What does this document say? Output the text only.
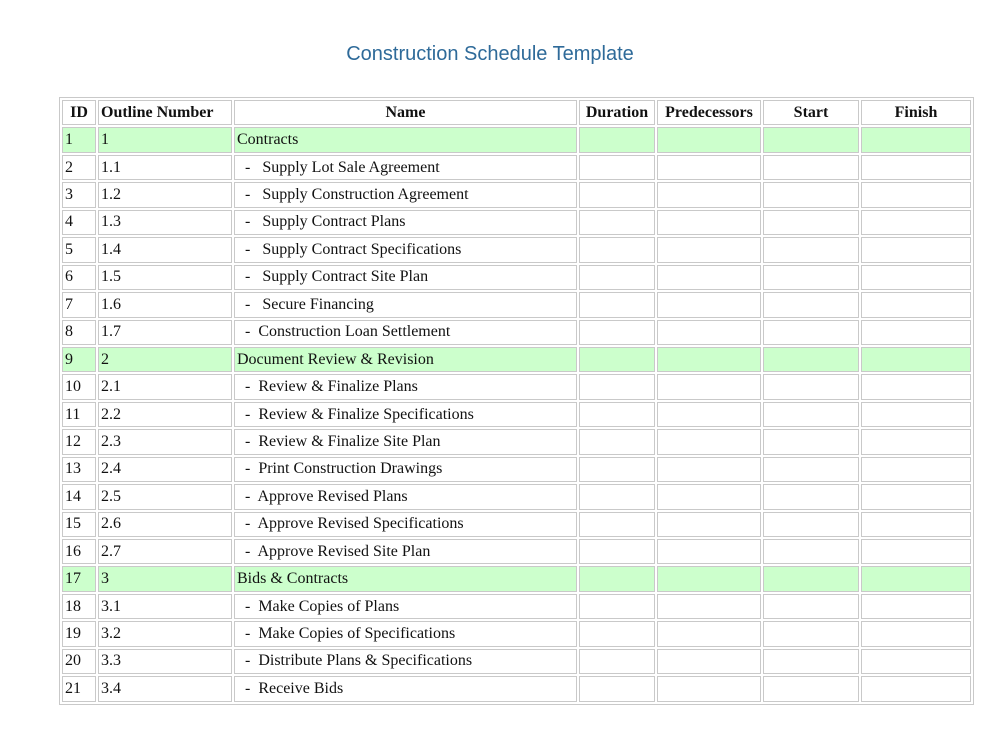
Construction Schedule Template
ID	Outline Number	Name	Duration	Predecessors	Start	Finish
1	1	Contracts				
2	1.1	-   Supply Lot Sale Agreement				
3	1.2	-   Supply Construction Agreement				
4	1.3	-   Supply Contract Plans				
5	1.4	-   Supply Contract Specifications				
6	1.5	-   Supply Contract Site Plan				
7	1.6	-   Secure Financing				
8	1.7	-  Construction Loan Settlement				
9	2	Document Review & Revision				
10	2.1	-  Review & Finalize Plans				
11	2.2	-  Review & Finalize Specifications				
12	2.3	-  Review & Finalize Site Plan				
13	2.4	-  Print Construction Drawings				
14	2.5	-  Approve Revised Plans				
15	2.6	-  Approve Revised Specifications				
16	2.7	-  Approve Revised Site Plan				
17	3	Bids & Contracts				
18	3.1	-  Make Copies of Plans				
19	3.2	-  Make Copies of Specifications				
20	3.3	-  Distribute Plans & Specifications				
21	3.4	-  Receive Bids				
